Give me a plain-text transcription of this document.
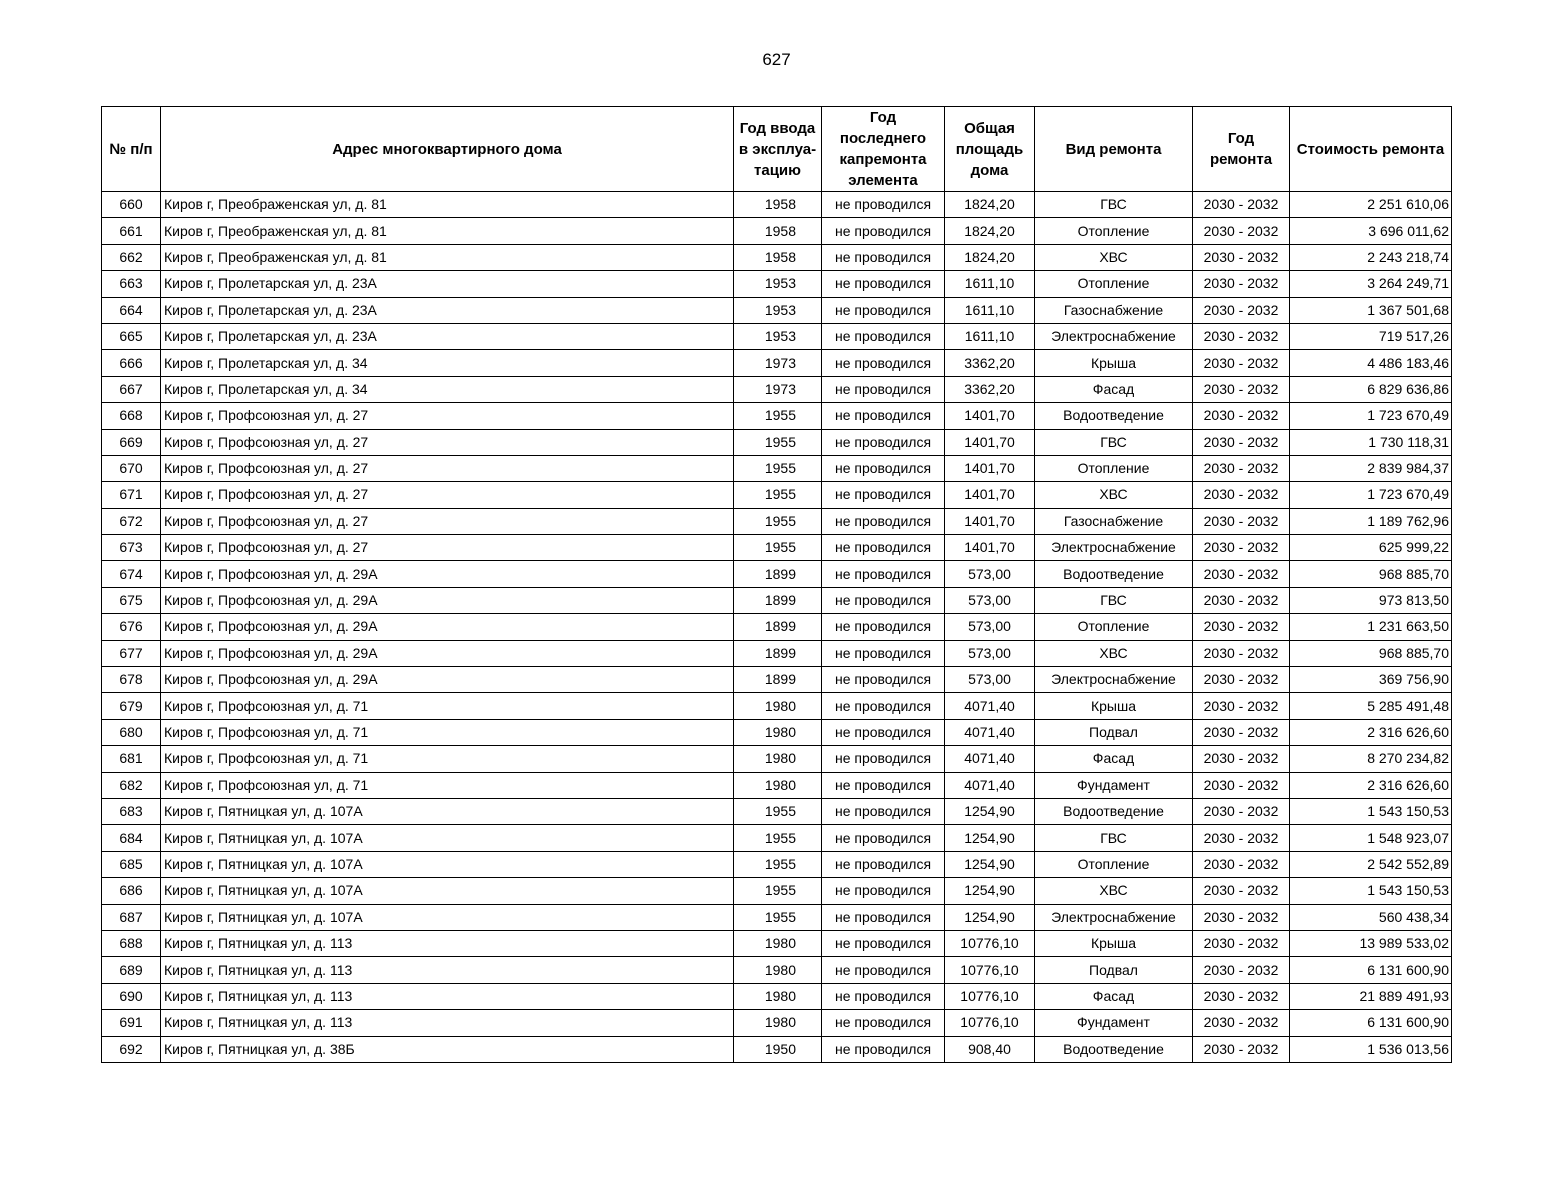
627
№ п/п	Адрес многоквартирного дома	Год ввода в эксплуа-тацию	Год последнего капремонта элемента	Общая площадь дома	Вид ремонта	Год ремонта	Стоимость ремонта
660	Киров г, Преображенская ул, д. 81	1958	не проводился	1824,20	ГВС	2030 - 2032	2 251 610,06
661	Киров г, Преображенская ул, д. 81	1958	не проводился	1824,20	Отопление	2030 - 2032	3 696 011,62
662	Киров г, Преображенская ул, д. 81	1958	не проводился	1824,20	ХВС	2030 - 2032	2 243 218,74
663	Киров г, Пролетарская ул, д. 23А	1953	не проводился	1611,10	Отопление	2030 - 2032	3 264 249,71
664	Киров г, Пролетарская ул, д. 23А	1953	не проводился	1611,10	Газоснабжение	2030 - 2032	1 367 501,68
665	Киров г, Пролетарская ул, д. 23А	1953	не проводился	1611,10	Электроснабжение	2030 - 2032	719 517,26
666	Киров г, Пролетарская ул, д. 34	1973	не проводился	3362,20	Крыша	2030 - 2032	4 486 183,46
667	Киров г, Пролетарская ул, д. 34	1973	не проводился	3362,20	Фасад	2030 - 2032	6 829 636,86
668	Киров г, Профсоюзная ул, д. 27	1955	не проводился	1401,70	Водоотведение	2030 - 2032	1 723 670,49
669	Киров г, Профсоюзная ул, д. 27	1955	не проводился	1401,70	ГВС	2030 - 2032	1 730 118,31
670	Киров г, Профсоюзная ул, д. 27	1955	не проводился	1401,70	Отопление	2030 - 2032	2 839 984,37
671	Киров г, Профсоюзная ул, д. 27	1955	не проводился	1401,70	ХВС	2030 - 2032	1 723 670,49
672	Киров г, Профсоюзная ул, д. 27	1955	не проводился	1401,70	Газоснабжение	2030 - 2032	1 189 762,96
673	Киров г, Профсоюзная ул, д. 27	1955	не проводился	1401,70	Электроснабжение	2030 - 2032	625 999,22
674	Киров г, Профсоюзная ул, д. 29А	1899	не проводился	573,00	Водоотведение	2030 - 2032	968 885,70
675	Киров г, Профсоюзная ул, д. 29А	1899	не проводился	573,00	ГВС	2030 - 2032	973 813,50
676	Киров г, Профсоюзная ул, д. 29А	1899	не проводился	573,00	Отопление	2030 - 2032	1 231 663,50
677	Киров г, Профсоюзная ул, д. 29А	1899	не проводился	573,00	ХВС	2030 - 2032	968 885,70
678	Киров г, Профсоюзная ул, д. 29А	1899	не проводился	573,00	Электроснабжение	2030 - 2032	369 756,90
679	Киров г, Профсоюзная ул, д. 71	1980	не проводился	4071,40	Крыша	2030 - 2032	5 285 491,48
680	Киров г, Профсоюзная ул, д. 71	1980	не проводился	4071,40	Подвал	2030 - 2032	2 316 626,60
681	Киров г, Профсоюзная ул, д. 71	1980	не проводился	4071,40	Фасад	2030 - 2032	8 270 234,82
682	Киров г, Профсоюзная ул, д. 71	1980	не проводился	4071,40	Фундамент	2030 - 2032	2 316 626,60
683	Киров г, Пятницкая ул, д. 107А	1955	не проводился	1254,90	Водоотведение	2030 - 2032	1 543 150,53
684	Киров г, Пятницкая ул, д. 107А	1955	не проводился	1254,90	ГВС	2030 - 2032	1 548 923,07
685	Киров г, Пятницкая ул, д. 107А	1955	не проводился	1254,90	Отопление	2030 - 2032	2 542 552,89
686	Киров г, Пятницкая ул, д. 107А	1955	не проводился	1254,90	ХВС	2030 - 2032	1 543 150,53
687	Киров г, Пятницкая ул, д. 107А	1955	не проводился	1254,90	Электроснабжение	2030 - 2032	560 438,34
688	Киров г, Пятницкая ул, д. 113	1980	не проводился	10776,10	Крыша	2030 - 2032	13 989 533,02
689	Киров г, Пятницкая ул, д. 113	1980	не проводился	10776,10	Подвал	2030 - 2032	6 131 600,90
690	Киров г, Пятницкая ул, д. 113	1980	не проводился	10776,10	Фасад	2030 - 2032	21 889 491,93
691	Киров г, Пятницкая ул, д. 113	1980	не проводился	10776,10	Фундамент	2030 - 2032	6 131 600,90
692	Киров г, Пятницкая ул, д. 38Б	1950	не проводился	908,40	Водоотведение	2030 - 2032	1 536 013,56
